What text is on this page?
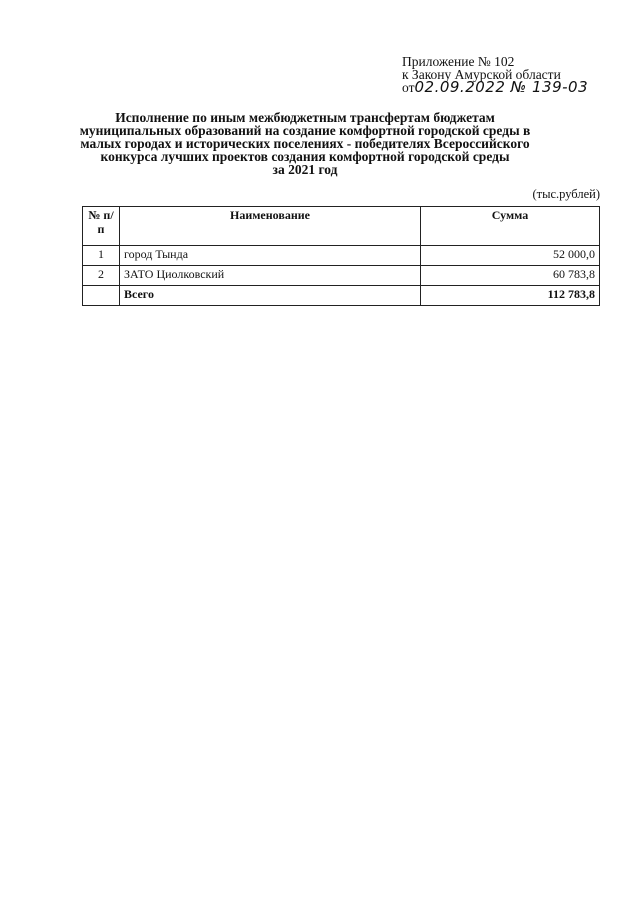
Приложение № 102
к Закону Амурской области
от02.09.2022 № 139-03
Исполнение по иным межбюджетным трансфертам бюджетам
муниципальных образований на создание комфортной городской среды в
малых городах и исторических поселениях - победителях Всероссийского
конкурса лучших проектов создания комфортной городской среды
за 2021 год
(тыс.рублей)
№ п/п	Наименование	Сумма
1	город Тында	52 000,0
2	ЗАТО Циолковский	60 783,8
	Всего	112 783,8
